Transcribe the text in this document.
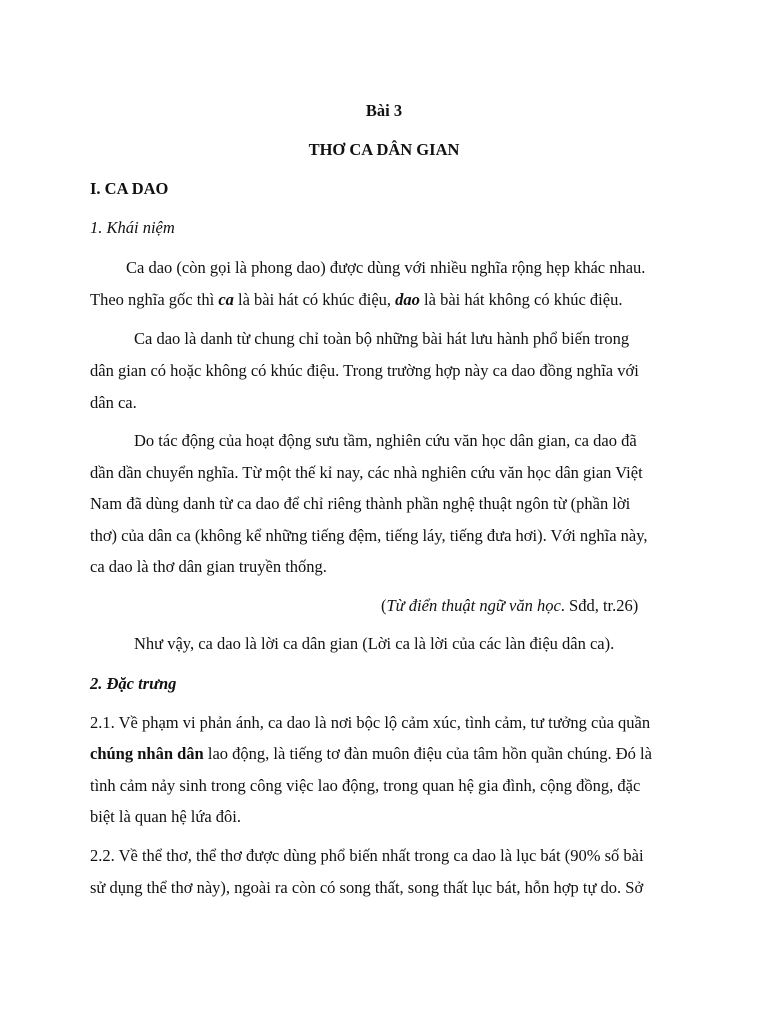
Bài 3
THƠ CA DÂN GIAN
I. CA DAO
1. Khái niệm
Ca dao (còn gọi là phong dao) được dùng với nhiều nghĩa rộng hẹp khác nhau.
Theo nghĩa gốc thì ca là bài hát có khúc điệu, dao là bài hát không có khúc điệu.
Ca dao là danh từ chung chỉ toàn bộ những bài hát lưu hành phổ biến trong
dân gian có hoặc không có khúc điệu. Trong trường hợp này ca dao đồng nghĩa với
dân ca.
Do tác động của hoạt động sưu tầm, nghiên cứu văn học dân gian, ca dao đã
dần dần chuyển nghĩa. Từ một thế kỉ nay, các nhà nghiên cứu văn học dân gian Việt
Nam đã dùng danh từ ca dao để chỉ riêng thành phần nghệ thuật ngôn từ (phần lời
thơ) của dân ca (không kể những tiếng đệm, tiếng láy, tiếng đưa hơi). Với nghĩa này,
ca dao là thơ dân gian truyền thống.
(Từ điển thuật ngữ văn học. Sđd, tr.26)
Như vậy, ca dao là lời ca dân gian (Lời ca là lời của các làn điệu dân ca).
2. Đặc trưng
2.1. Về phạm vi phản ánh, ca dao là nơi bộc lộ cảm xúc, tình cảm, tư tưởng của quần
chúng nhân dân lao động, là tiếng tơ đàn muôn điệu của tâm hồn quần chúng. Đó là
tình cảm nảy sinh trong công việc lao động, trong quan hệ gia đình, cộng đồng, đặc
biệt là quan hệ lứa đôi.
2.2. Về thể thơ, thể thơ được dùng phổ biến nhất trong ca dao là lục bát (90% số bài
sử dụng thể thơ này), ngoài ra còn có song thất, song thất lục bát, hỗn hợp tự do. Sở
